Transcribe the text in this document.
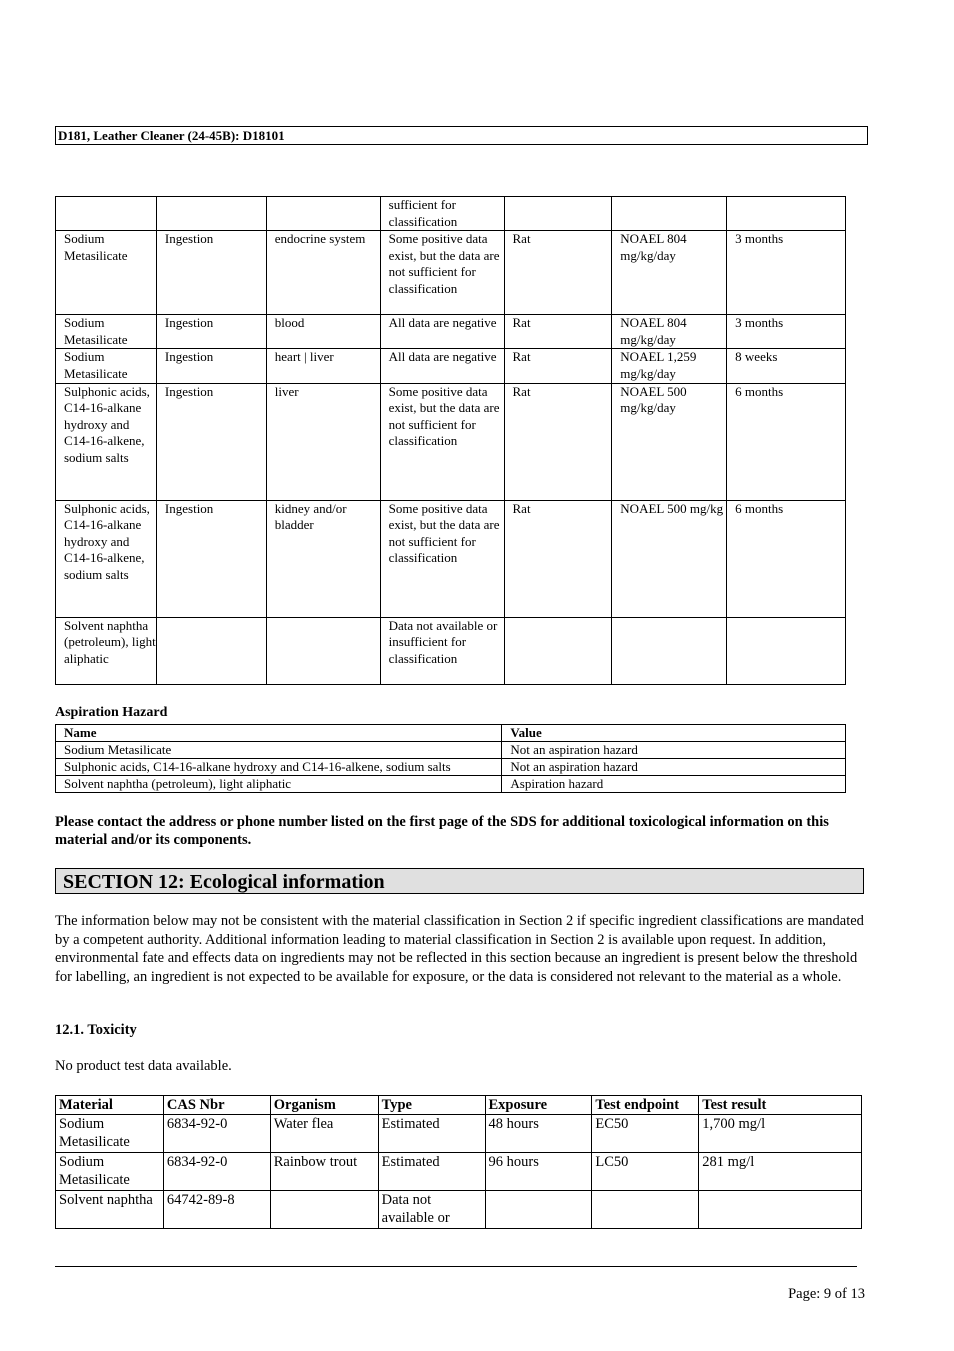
D181, Leather Cleaner (24-45B): D18101
			sufficient for classification			
Sodium Metasilicate	Ingestion	endocrine system	Some positive data exist, but the data are not sufficient for classification	Rat	NOAEL 804 mg/kg/day	3 months
Sodium Metasilicate	Ingestion	blood	All data are negative	Rat	NOAEL 804 mg/kg/day	3 months
Sodium Metasilicate	Ingestion	heart | liver	All data are negative	Rat	NOAEL 1,259 mg/kg/day	8 weeks
Sulphonic acids, C14-16-alkane hydroxy and C14-16-alkene, sodium salts	Ingestion	liver	Some positive data exist, but the data are not sufficient for classification	Rat	NOAEL 500 mg/kg/day	6 months
Sulphonic acids, C14-16-alkane hydroxy and C14-16-alkene, sodium salts	Ingestion	kidney and/or bladder	Some positive data exist, but the data are not sufficient for classification	Rat	NOAEL 500 mg/kg	6 months
Solvent naphtha (petroleum), light aliphatic			Data not available or insufficient for classification			
Aspiration Hazard
Name	Value
Sodium Metasilicate	Not an aspiration hazard
Sulphonic acids, C14-16-alkane hydroxy and C14-16-alkene, sodium salts	Not an aspiration hazard
Solvent naphtha (petroleum), light aliphatic	Aspiration hazard
Please contact the address or phone number listed on the first page of the SDS for additional toxicological information on this material and/or its components.
SECTION 12: Ecological information
The information below may not be consistent with the material classification in Section 2 if specific ingredient classifications are mandated by a competent authority. Additional information leading to material classification in Section 2 is available upon request. In addition, environmental fate and effects data on ingredients may not be reflected in this section because an ingredient is present below the threshold for labelling, an ingredient is not expected to be available for exposure, or the data is considered not relevant to the material as a whole.
12.1. Toxicity
No product test data available.
Material	CAS Nbr	Organism	Type	Exposure	Test endpoint	Test result
Sodium Metasilicate	6834-92-0	Water flea	Estimated	48 hours	EC50	1,700 mg/l
Sodium Metasilicate	6834-92-0	Rainbow trout	Estimated	96 hours	LC50	281 mg/l
Solvent naphtha	64742-89-8		Data not available or			
Page: 9 of 13
